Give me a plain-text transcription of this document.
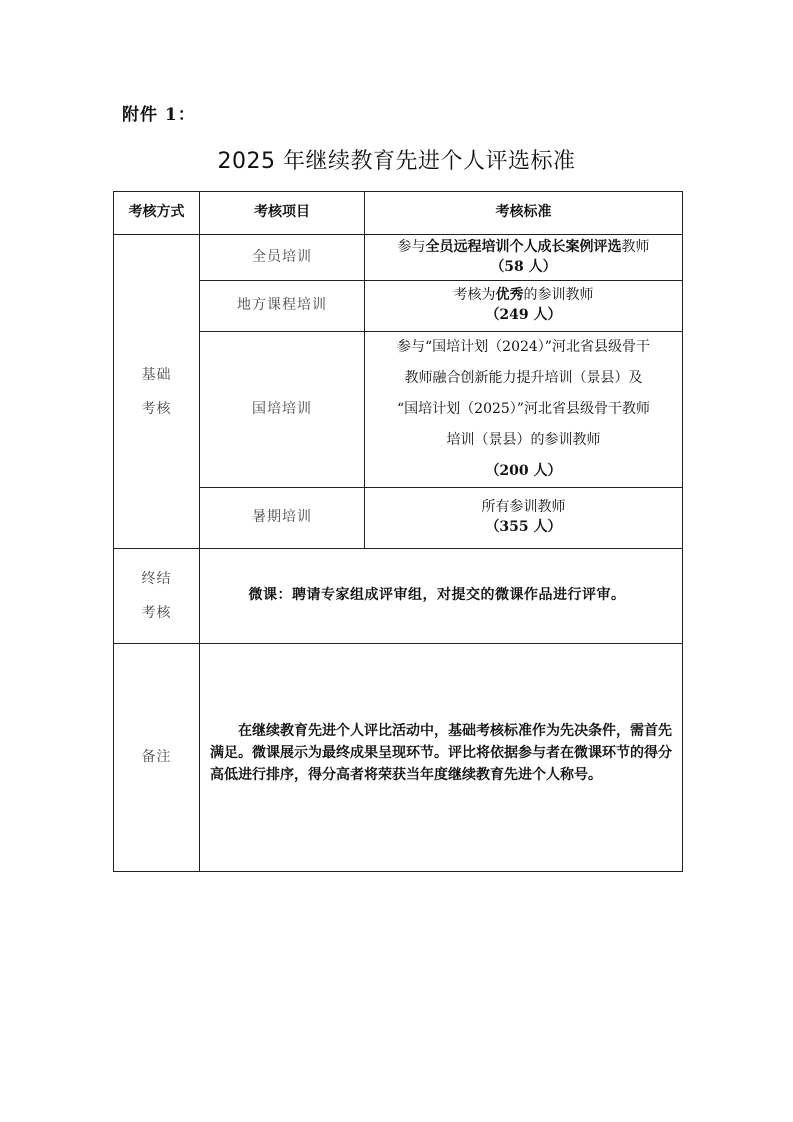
附件 1：
2025 年继续教育先进个人评选标准
考核方式	考核项目	考核标准
基础
考核	全员培训	参与全员远程培训个人成长案例评选教师
（58 人）

	地方课程培训	考核为优秀的参训教师
（249 人）

	国培培训	参与“国培计划（2024）”河北省县级骨干
教师融合创新能力提升培训（景县）及
“国培计划（2025）”河北省县级骨干教师
培训（景县）的参训教师
（200 人）

	暑期培训	所有参训教师
（355 人）

终结
考核	微课：聘请专家组成评审组，对提交的微课作品进行评审。	
备注	在继续教育先进个人评比活动中，基础考核标准作为先决条件，需首先满足。微课展示为最终成果呈现环节。评比将依据参与者在微课环节的得分高低进行排序，得分高者将荣获当年度继续教育先进个人称号。	
